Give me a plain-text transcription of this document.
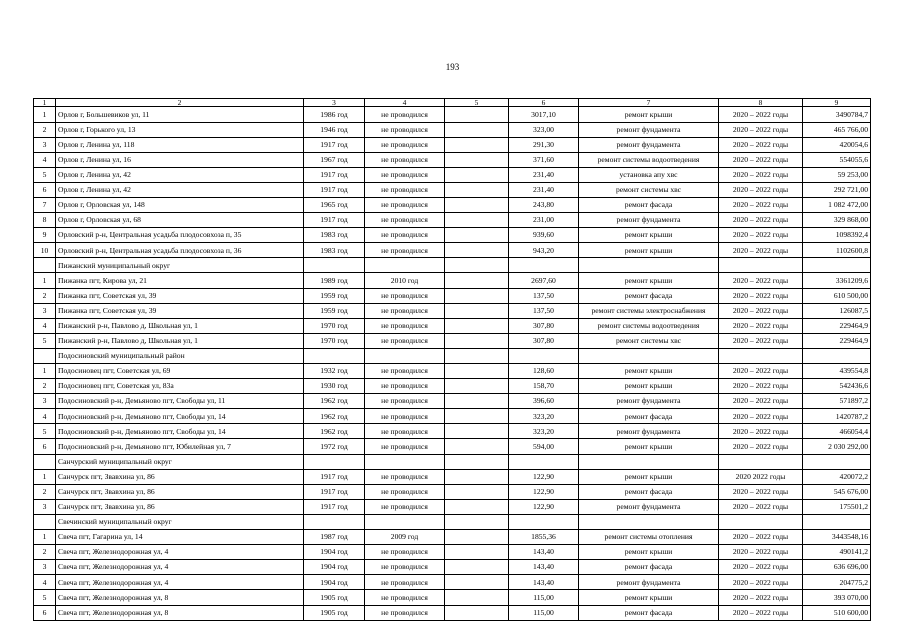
193
1	2	3	4	5	6	7	8	9
1	Орлов г, Большевиков ул, 11	1986 год	не проводился		3017,10	ремонт крыши	2020 – 2022 годы	3490784,7
2	Орлов г, Горького ул, 13	1946 год	не проводился		323,00	ремонт фундамента	2020 – 2022 годы	465 766,00
3	Орлов г, Ленина ул, 118	1917 год	не проводился		291,30	ремонт фундамента	2020 – 2022 годы	420054,6
4	Орлов г, Ленина ул, 16	1967 год	не проводился		371,60	ремонт системы водоотведения	2020 – 2022 годы	554055,6
5	Орлов г, Ленина ул, 42	1917 год	не проводился		231,40	установка апу хвс	2020 – 2022 годы	59 253,00
6	Орлов г, Ленина ул, 42	1917 год	не проводился		231,40	ремонт системы хвс	2020 – 2022 годы	292 721,00
7	Орлов г, Орловская ул, 148	1965 год	не проводился		243,80	ремонт фасада	2020 – 2022 годы	1 082 472,00
8	Орлов г, Орловская ул, 68	1917 год	не проводился		231,00	ремонт фундамента	2020 – 2022 годы	329 868,00
9	Орловский р-н, Центральная усадьба плодосовхоза п, 35	1983 год	не проводился		939,60	ремонт крыши	2020 – 2022 годы	1098392,4
10	Орловский р-н, Центральная усадьба плодосовхоза п, 36	1983 год	не проводился		943,20	ремонт крыши	2020 – 2022 годы	1102600,8
	Пижанский муниципальный округ							
1	Пижанка пгт, Кирова ул, 21	1989 год	2010 год		2697,60	ремонт крыши	2020 – 2022 годы	3361209,6
2	Пижанка пгт, Советская ул, 39	1959 год	не проводился		137,50	ремонт фасада	2020 – 2022 годы	610 500,00
3	Пижанка пгт, Советская ул, 39	1959 год	не проводился		137,50	ремонт системы электроснабжения	2020 – 2022 годы	126087,5
4	Пижанский р-н, Павлово д, Школьная ул, 1	1970 год	не проводился		307,80	ремонт системы водоотведения	2020 – 2022 годы	229464,9
5	Пижанский р-н, Павлово д, Школьная ул, 1	1970 год	не проводился		307,80	ремонт системы хвс	2020 – 2022 годы	229464,9
	Подосиновский муниципальный район							
1	Подосиновец пгт, Советская ул, 69	1932 год	не проводился		128,60	ремонт крыши	2020 – 2022 годы	439554,8
2	Подосиновец пгт, Советская ул, 83а	1930 год	не проводился		158,70	ремонт крыши	2020 – 2022 годы	542436,6
3	Подосиновский р-н, Демьяново пгт, Свободы ул, 11	1962 год	не проводился		396,60	ремонт фундамента	2020 – 2022 годы	571897,2
4	Подосиновский р-н, Демьяново пгт, Свободы ул, 14	1962 год	не проводился		323,20	ремонт фасада	2020 – 2022 годы	1420787,2
5	Подосиновский р-н, Демьяново пгт, Свободы ул, 14	1962 год	не проводился		323,20	ремонт фундамента	2020 – 2022 годы	466054,4
6	Подосиновский р-н, Демьяново пгт, Юбилейная ул, 7	1972 год	не проводился		594,00	ремонт крыши	2020 – 2022 годы	2 030 292,00
	Санчурский муниципальный округ							
1	Санчурск пгт, Звавхина ул, 86	1917 год	не проводился		122,90	ремонт крыши	2020 2022 годы	420072,2
2	Санчурск пгт, Звавхина ул, 86	1917 год	не проводился		122,90	ремонт фасада	2020 – 2022 годы	545 676,00
3	Санчурск пгт, Звавхина ул, 86	1917 год	не проводился		122,90	ремонт фундамента	2020 – 2022 годы	175501,2
	Свечинский муниципальный округ							
1	Свеча пгт, Гагарина ул, 14	1987 год	2009 год		1855,36	ремонт системы отопления	2020 – 2022 годы	3443548,16
2	Свеча пгт, Железнодорожная ул, 4	1904 год	не проводился		143,40	ремонт крыши	2020 – 2022 годы	490141,2
3	Свеча пгт, Железнодорожная ул, 4	1904 год	не проводился		143,40	ремонт фасада	2020 – 2022 годы	636 696,00
4	Свеча пгт, Железнодорожная ул, 4	1904 год	не проводился		143,40	ремонт фундамента	2020 – 2022 годы	204775,2
5	Свеча пгт, Железнодорожная ул, 8	1905 год	не проводился		115,00	ремонт крыши	2020 – 2022 годы	393 070,00
6	Свеча пгт, Железнодорожная ул, 8	1905 год	не проводился		115,00	ремонт фасада	2020 – 2022 годы	510 600,00
